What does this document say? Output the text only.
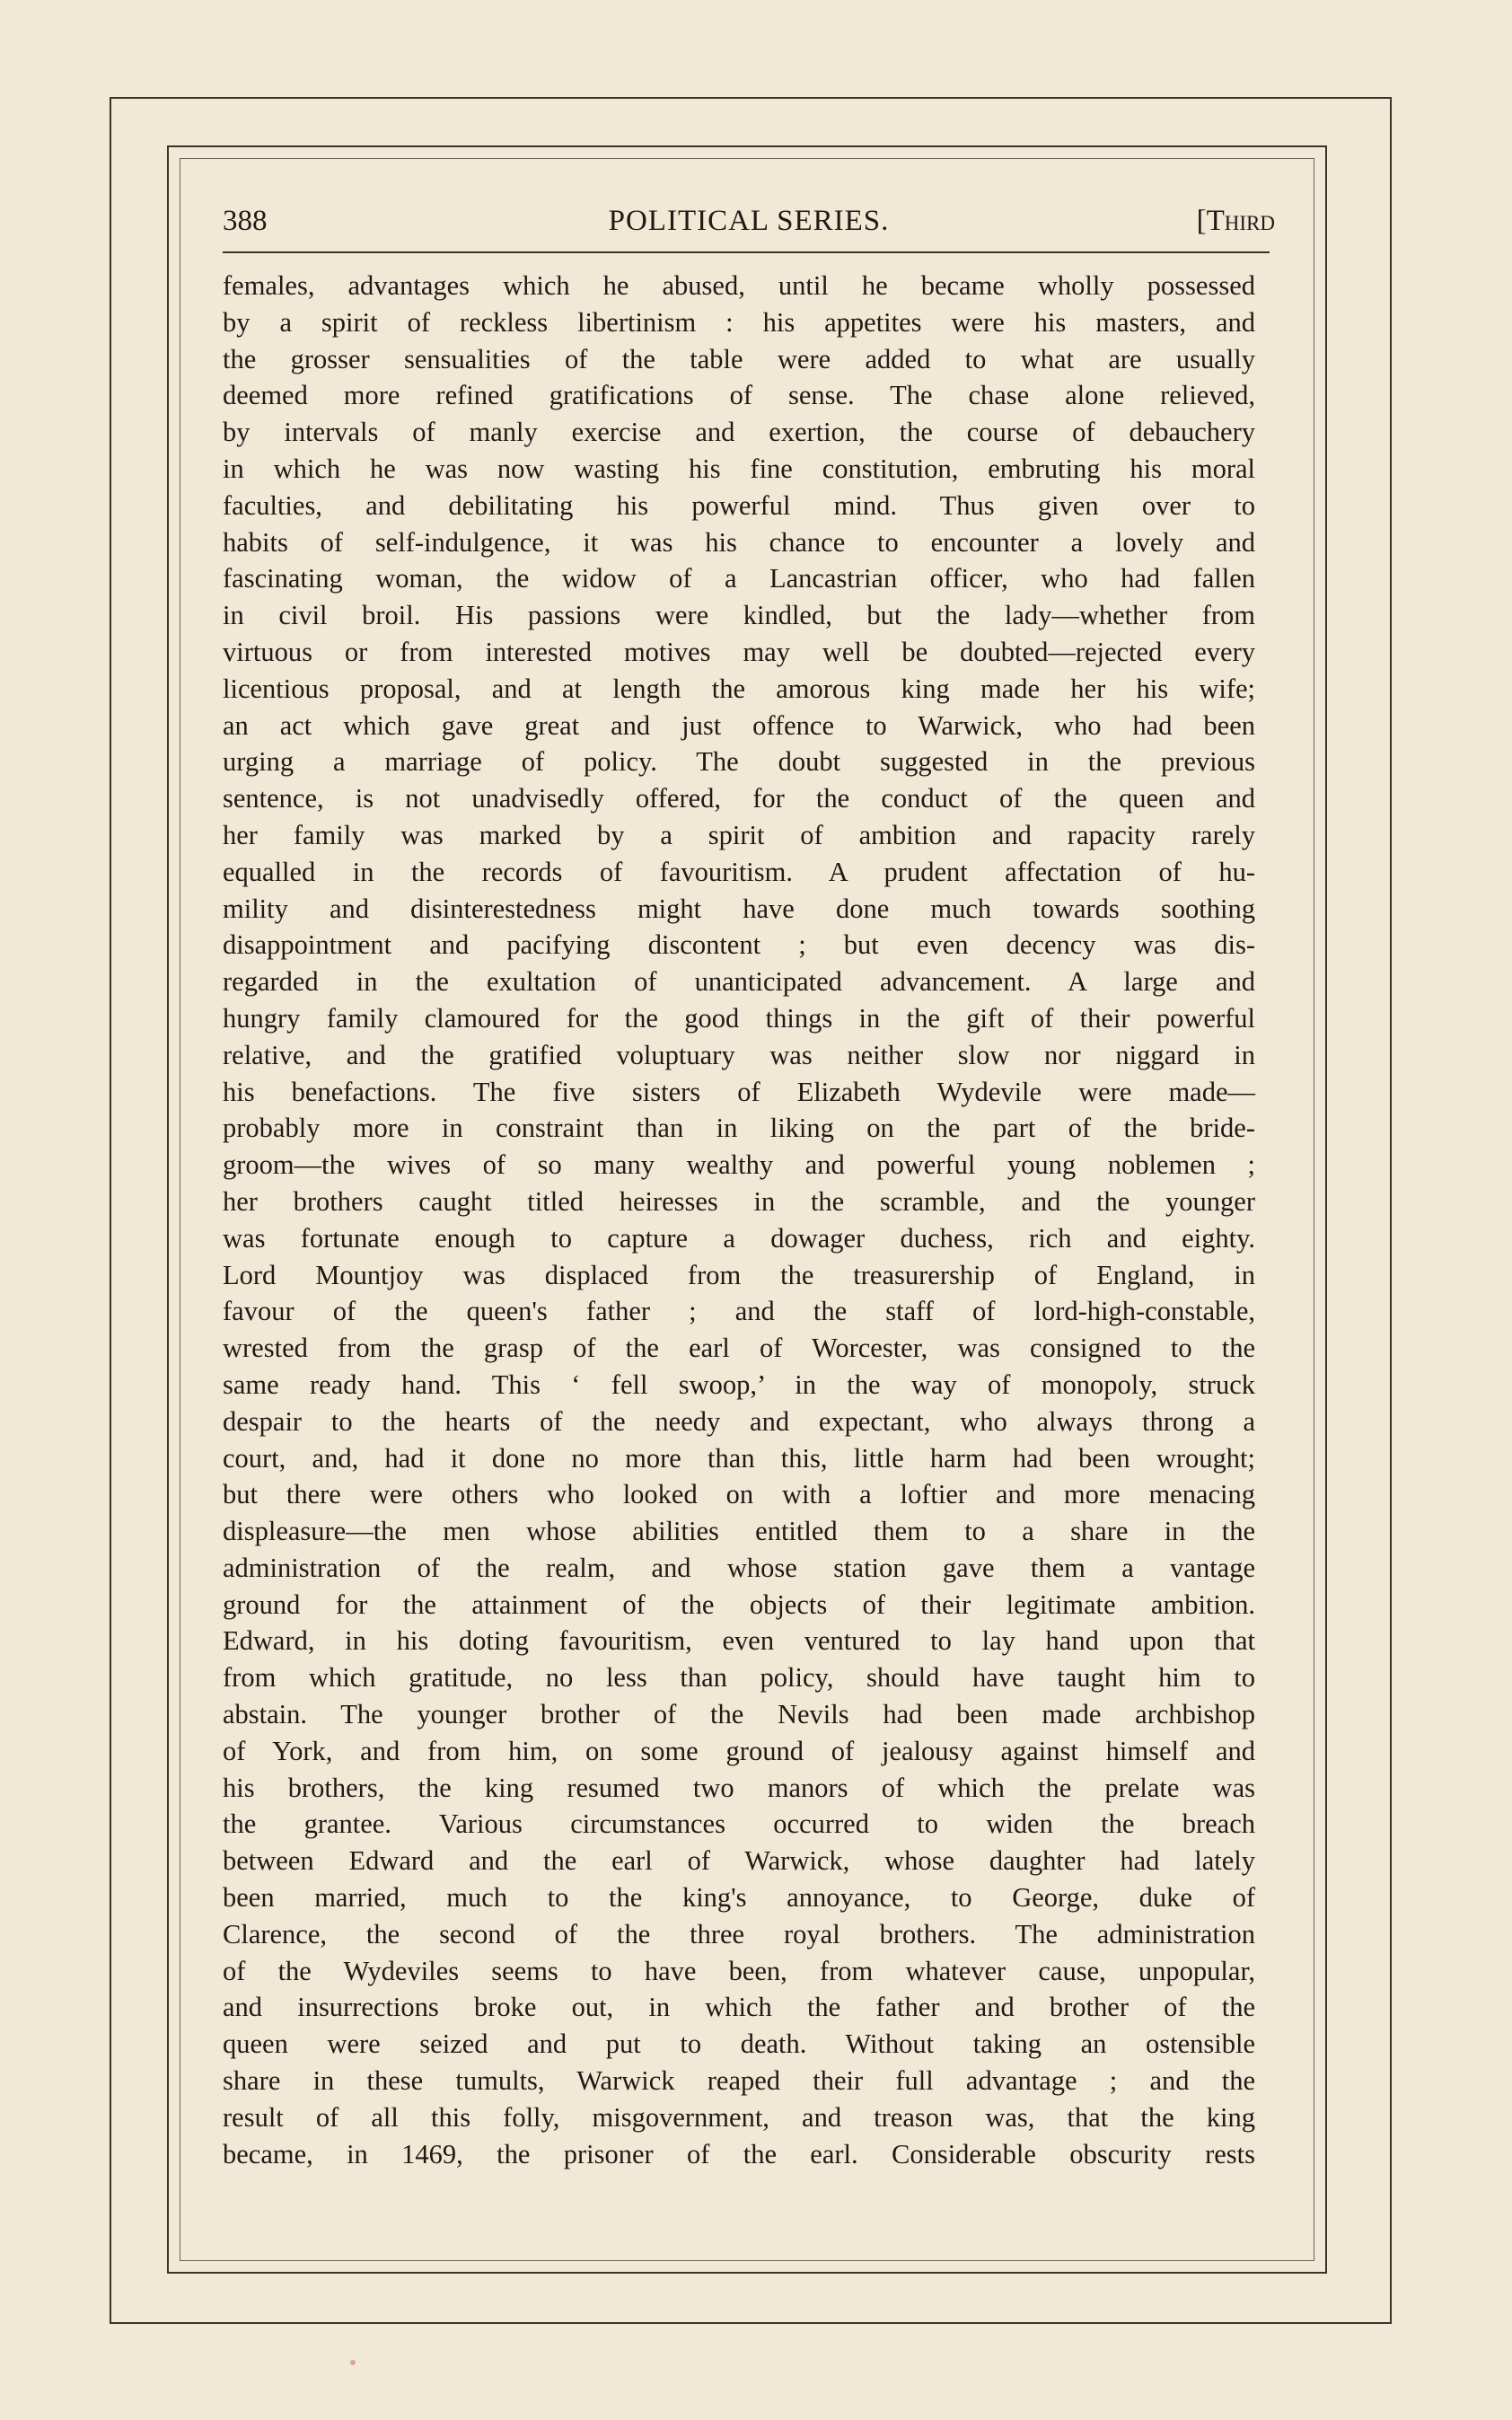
388	POLITICAL SERIES.	[Third
females, advantages which he abused, until he became wholly possessed
by a spirit of reckless libertinism : his appetites were his masters, and
the grosser sensualities of the table were added to what are usually
deemed more refined gratifications of sense. The chase alone relieved,
by intervals of manly exercise and exertion, the course of debauchery
in which he was now wasting his fine constitution, embruting his moral
faculties, and debilitating his powerful mind. Thus given over to
habits of self-indulgence, it was his chance to encounter a lovely and
fascinating woman, the widow of a Lancastrian officer, who had fallen
in civil broil. His passions were kindled, but the lady—whether from
virtuous or from interested motives may well be doubted—rejected every
licentious proposal, and at length the amorous king made her his wife;
an act which gave great and just offence to Warwick, who had been
urging a marriage of policy. The doubt suggested in the previous
sentence, is not unadvisedly offered, for the conduct of the queen and
her family was marked by a spirit of ambition and rapacity rarely
equalled in the records of favouritism. A prudent affectation of hu-
mility and disinterestedness might have done much towards soothing
disappointment and pacifying discontent ; but even decency was dis-
regarded in the exultation of unanticipated advancement. A large and
hungry family clamoured for the good things in the gift of their powerful
relative, and the gratified voluptuary was neither slow nor niggard in
his benefactions. The five sisters of Elizabeth Wydevile were made—
probably more in constraint than in liking on the part of the bride-
groom—the wives of so many wealthy and powerful young noblemen ;
her brothers caught titled heiresses in the scramble, and the younger
was fortunate enough to capture a dowager duchess, rich and eighty.
Lord Mountjoy was displaced from the treasurership of England, in
favour of the queen's father ; and the staff of lord-high-constable,
wrested from the grasp of the earl of Worcester, was consigned to the
same ready hand. This ‘ fell swoop,’ in the way of monopoly, struck
despair to the hearts of the needy and expectant, who always throng a
court, and, had it done no more than this, little harm had been wrought;
but there were others who looked on with a loftier and more menacing
displeasure—the men whose abilities entitled them to a share in the
administration of the realm, and whose station gave them a vantage
ground for the attainment of the objects of their legitimate ambition.
Edward, in his doting favouritism, even ventured to lay hand upon that
from which gratitude, no less than policy, should have taught him to
abstain. The younger brother of the Nevils had been made archbishop
of York, and from him, on some ground of jealousy against himself and
his brothers, the king resumed two manors of which the prelate was
the grantee. Various circumstances occurred to widen the breach
between Edward and the earl of Warwick, whose daughter had lately
been married, much to the king's annoyance, to George, duke of
Clarence, the second of the three royal brothers. The administration
of the Wydeviles seems to have been, from whatever cause, unpopular,
and insurrections broke out, in which the father and brother of the
queen were seized and put to death. Without taking an ostensible
share in these tumults, Warwick reaped their full advantage ; and the
result of all this folly, misgovernment, and treason was, that the king
became, in 1469, the prisoner of the earl. Considerable obscurity rests
